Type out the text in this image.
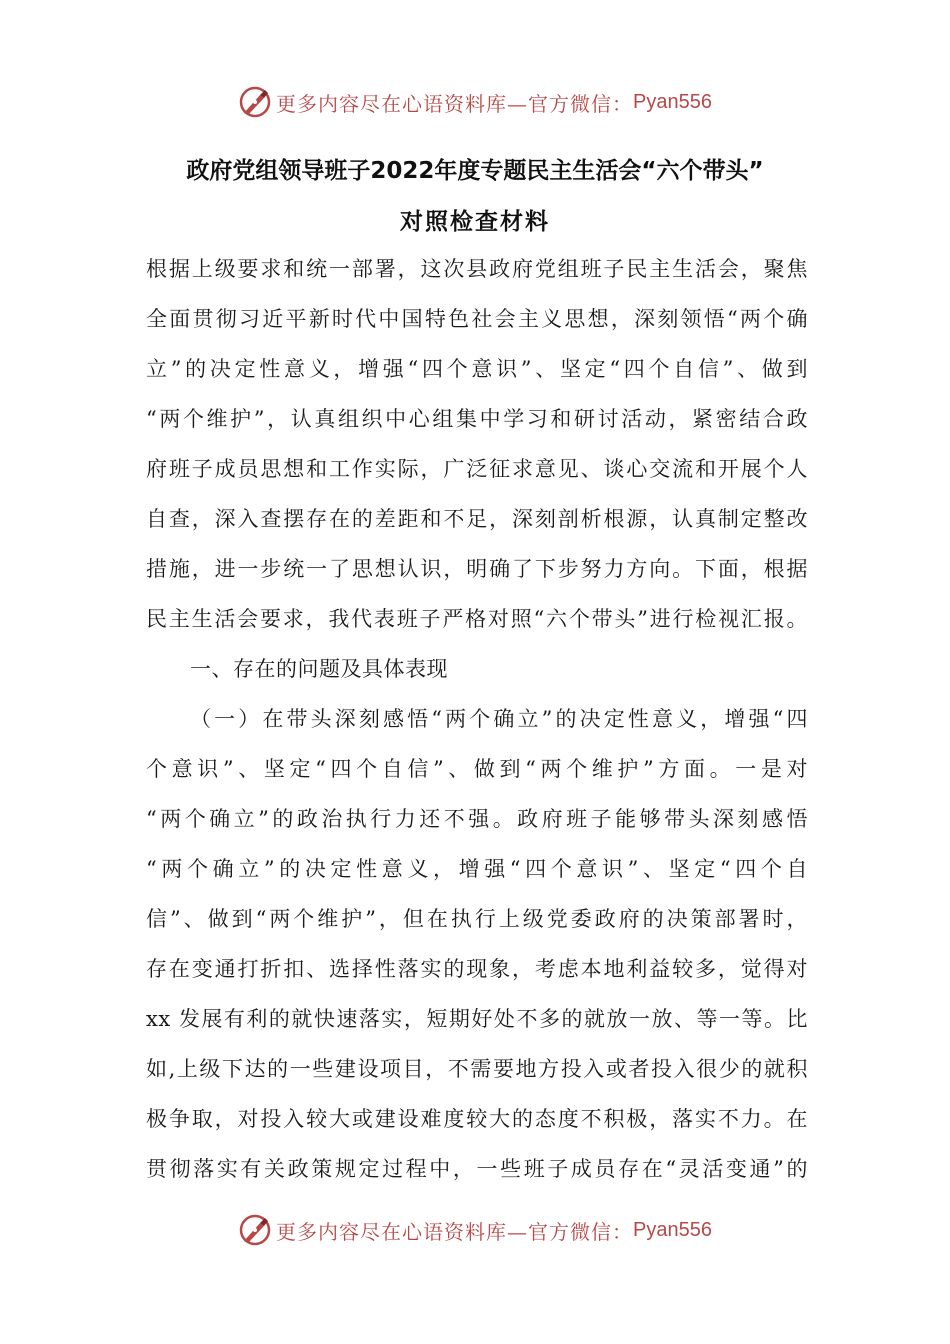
更多内容尽在心语资料库—官方微信： Pyan556
政府党组领导班子2022年度专题民主生活会“六个带头”
对照检查材料
根据上级要求和统一部署，这次县政府党组班子民主生活会，聚焦
全面贯彻习近平新时代中国特色社会主义思想，深刻领悟“两个确
立”的决定性意义，增强“四个意识”、坚定“四个自信”、做到
“两个维护”，认真组织中心组集中学习和研讨活动，紧密结合政
府班子成员思想和工作实际，广泛征求意见、谈心交流和开展个人
自查，深入查摆存在的差距和不足，深刻剖析根源，认真制定整改
措施，进一步统一了思想认识，明确了下步努力方向。下面，根据
民主生活会要求，我代表班子严格对照“六个带头”进行检视汇报。
一、存在的问题及具体表现
（一）在带头深刻感悟“两个确立”的决定性意义，增强“四
个意识”、坚定“四个自信”、做到“两个维护”方面。一是对
“两个确立”的政治执行力还不强。政府班子能够带头深刻感悟
“两个确立”的决定性意义，增强“四个意识”、坚定“四个自
信”、做到“两个维护”，但在执行上级党委政府的决策部署时，
存在变通打折扣、选择性落实的现象，考虑本地利益较多，觉得对
xx 发展有利的就快速落实，短期好处不多的就放一放、等一等。比
如,上级下达的一些建设项目，不需要地方投入或者投入很少的就积
极争取，对投入较大或建设难度较大的态度不积极，落实不力。在
贯彻落实有关政策规定过程中，一些班子成员存在“灵活变通”的
更多内容尽在心语资料库—官方微信： Pyan556
